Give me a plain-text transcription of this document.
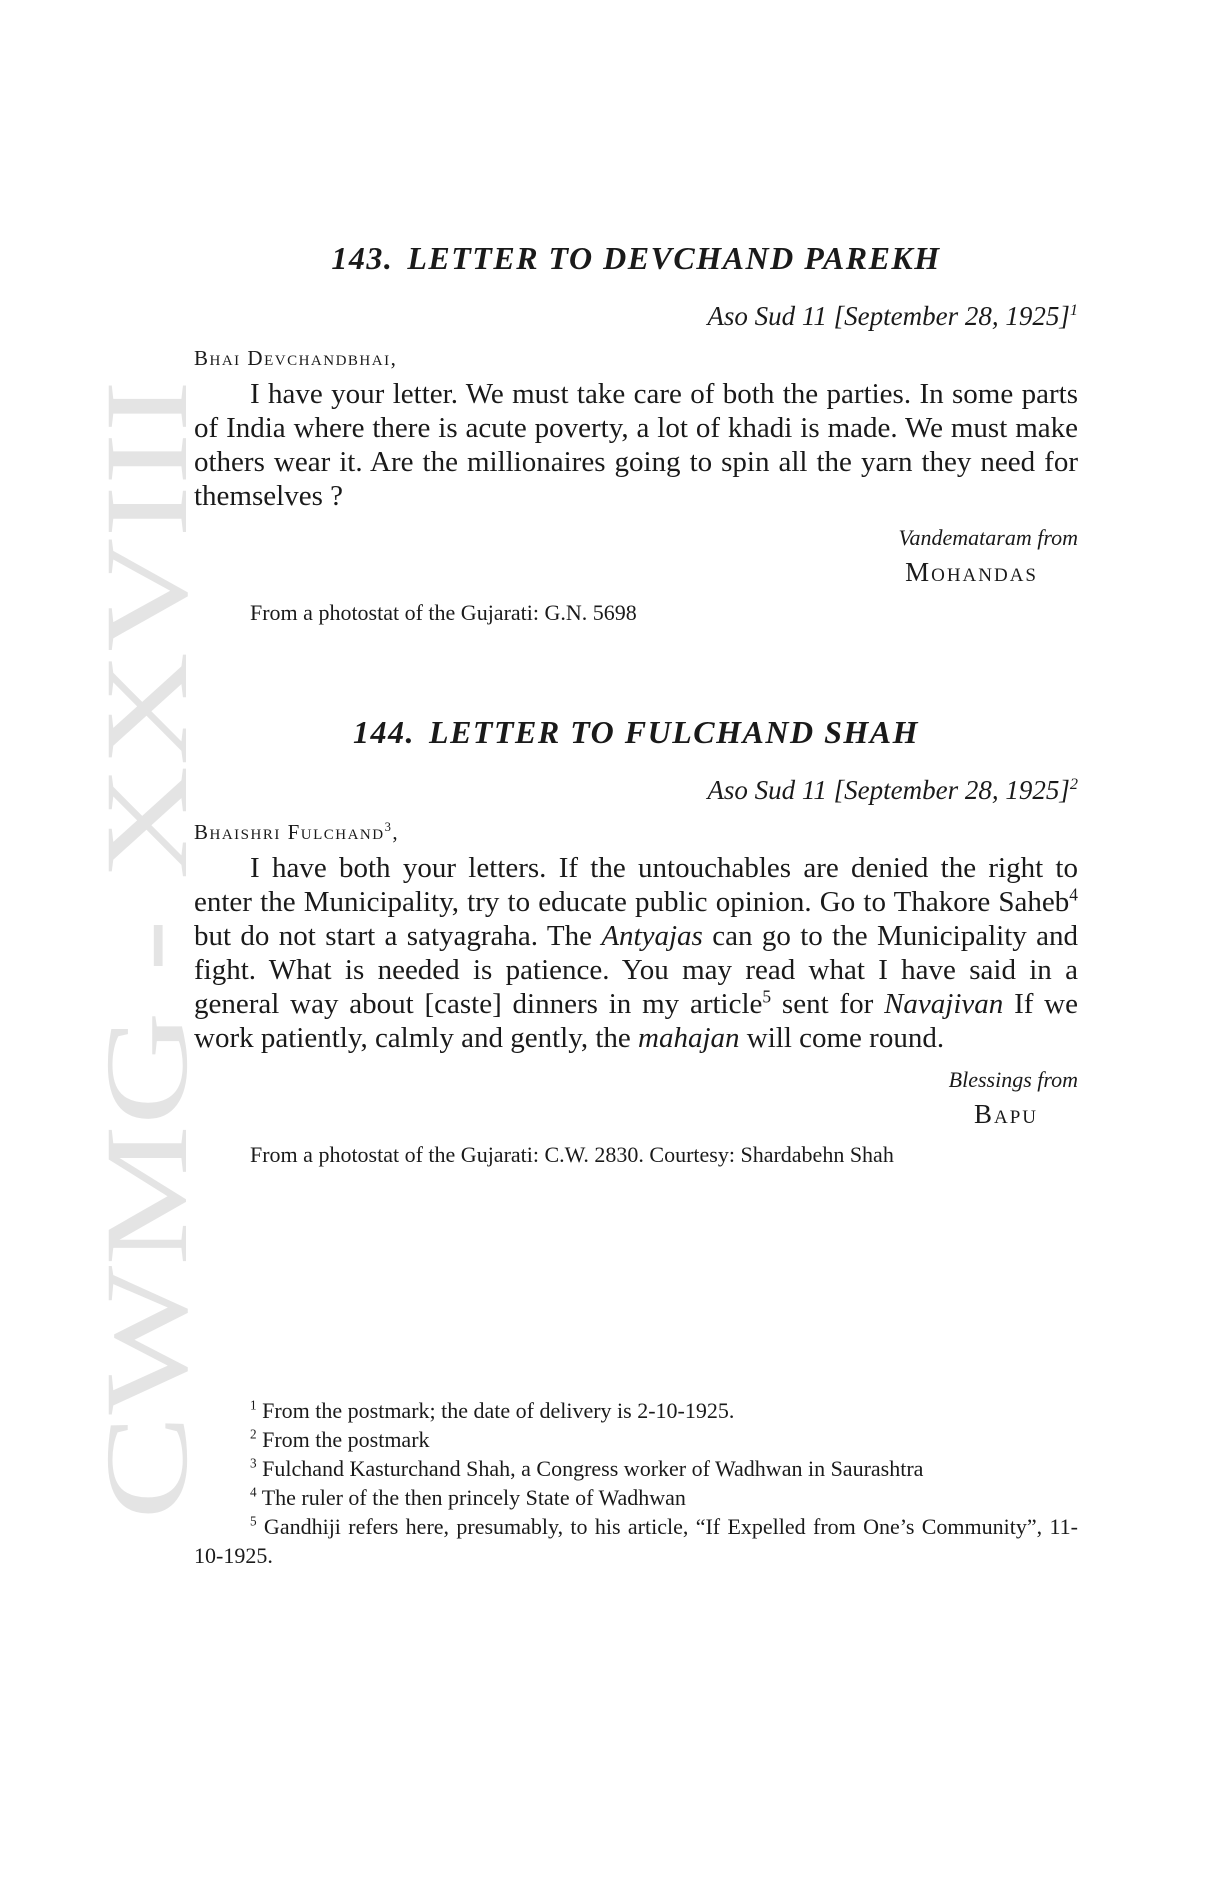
CWMG - XXVIII
143. LETTER TO DEVCHAND PAREKH
Aso Sud 11 [September 28, 1925]$^1$
Bhai Devchandbhai,

I have your letter. We must take care of both the parties. In some parts of India where there is acute poverty, a lot of khadi is made. We must make others wear it. Are the millionaires going to spin all the yarn they need for themselves ?

Vandemataram from
Mohandas
From a photostat of the Gujarati: G.N. 5698
144. LETTER TO FULCHAND SHAH
Aso Sud 11 [September 28, 1925]$^2$
Bhaishri Fulchand$^3$,

I have both your letters. If the untouchables are denied the right to enter the Municipality, try to educate public opinion. Go to Thakore Saheb$^4$ but do not start a satyagraha. The Antyajas can go to the Municipality and fight. What is needed is patience. You may read what I have said in a general way about [caste] dinners in my article$^5$ sent for Navajivan If we work patiently, calmly and gently, the mahajan will come round.

Blessings from
Bapu
From a photostat of the Gujarati: C.W. 2830. Courtesy: Shardabehn Shah
$^1$ From the postmark; the date of delivery is 2-10-1925.
$^2$ From the postmark
$^3$ Fulchand Kasturchand Shah, a Congress worker of Wadhwan in Saurashtra
$^4$ The ruler of the then princely State of Wadhwan
$^5$ Gandhiji refers here, presumably, to his article, “If Expelled from One’s Community”, 11-10-1925.
